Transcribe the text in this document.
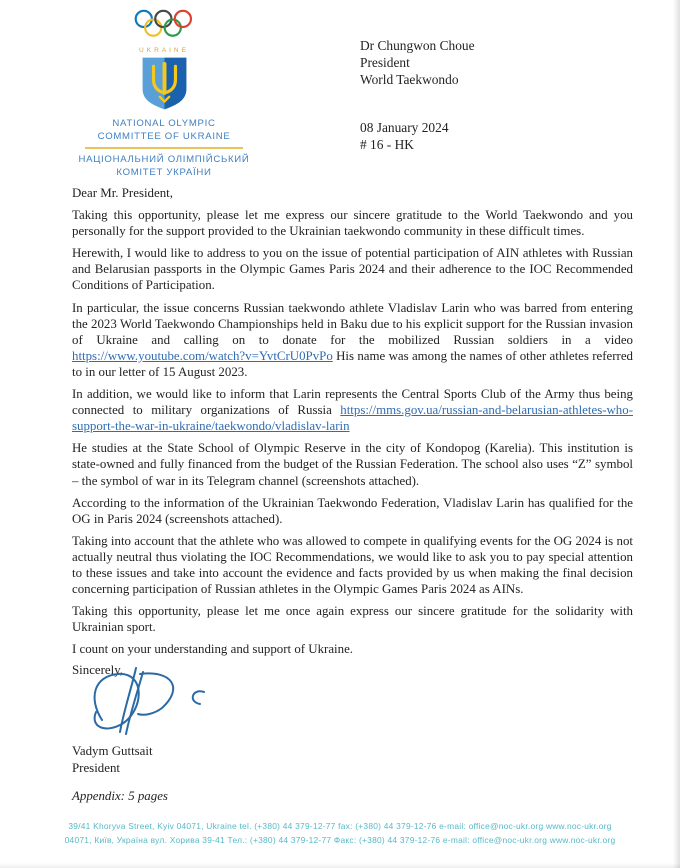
UKRAINE
NATIONAL OLYMPIC
COMMITTEE OF UKRAINE
НАЦІОНАЛЬНИЙ ОЛІМПІЙСЬКИЙ
КОМІТЕТ УКРАЇНИ
Dr Chungwon Choue
President
World Taekwondo
08 January 2024
# 16 - HK

Dear Mr. President,

Taking this opportunity, please let me express our sincere gratitude to the World Taekwondo and you personally for the support provided to the Ukrainian taekwondo community in these difficult times.

Herewith, I would like to address to you on the issue of potential participation of AIN athletes with Russian and Belarusian passports in the Olympic Games Paris 2024 and their adherence to the IOC Recommended Conditions of Participation.

In particular, the issue concerns Russian taekwondo athlete Vladislav Larin who was barred from entering the 2023 World Taekwondo Championships held in Baku due to his explicit support for the Russian invasion of Ukraine and calling on to donate for the mobilized Russian soldiers in a video https://www.youtube.com/watch?v=YvtCrU0PvPo His name was among the names of other athletes referred to in our letter of 15 August 2023.

In addition, we would like to inform that Larin represents the Central Sports Club of the Army thus being connected to military organizations of Russia https://mms.gov.ua/russian-and-belarusian-athletes-who-support-the-war-in-ukraine/taekwondo/vladislav-larin

He studies at the State School of Olympic Reserve in the city of Kondopog (Karelia). This institution is state-owned and fully financed from the budget of the Russian Federation. The school also uses “Z” symbol – the symbol of war in its Telegram channel (screenshots attached).

According to the information of the Ukrainian Taekwondo Federation, Vladislav Larin has qualified for the OG in Paris 2024 (screenshots attached).

Taking into account that the athlete who was allowed to compete in qualifying events for the OG 2024 is not actually neutral thus violating the IOC Recommendations, we would like to ask you to pay special attention to these issues and take into account the evidence and facts provided by us when making the final decision concerning participation of Russian athletes in the Olympic Games Paris 2024 as AINs.

Taking this opportunity, please let me once again express our sincere gratitude for the solidarity with Ukrainian sport.

I count on your understanding and support of Ukraine.

Sincerely,
Vadym Guttsait
President
Appendix: 5 pages
39/41 Khoryva Street, Kyiv 04071, Ukraine tel. (+380) 44 379-12-77 fax: (+380) 44 379-12-76 e-mail: office@noc-ukr.org www.noc-ukr.org
04071, Київ, Україна вул. Хорива 39-41 Тел.: (+380) 44 379-12-77 Факс: (+380) 44 379-12-76 e-mail: office@noc-ukr.org www.noc-ukr.org
